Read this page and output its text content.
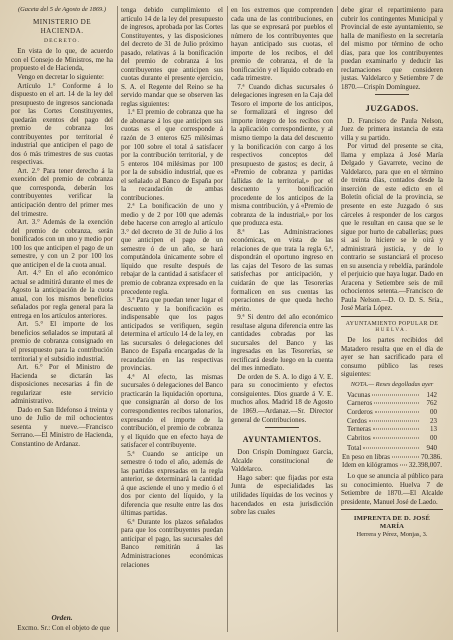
(Gaceta del 5 de Agosto de 1869.)
MINISTERIO DE HACIENDA.
DECRETO.

En vista de lo que, de acuerdo con el Consejo de Ministros, me ha propuesto el de Hacienda,

Vengo en decretar lo siguiente:

Artículo 1.° Conforme á lo dispuesto en el art. 14 de la ley del presupuesto de ingresos sancionada por las Cortes Constituyentes, quedarán exentos del pago del premio de cobranza los contribuyentes por territorial é industrial que anticipen el pago de dos ó más trimestres de sus cuotas respectivas.

Art. 2.° Para tener derecho á la exención del premio de cobranza que corresponda, deberán los contribuyentes verificar la anticipación dentro del primer mes del trimestre.

Art. 3.° Además de la exención del premio de cobranza, serán bonificados con un uno y medio por 100 los que anticipen el pago de un semestre, y con un 2 por 100 los que anticipen el de la cuota anual.

Art. 4.° En el año económico actual se admitirá durante el mes de Agosto la anticipación de la cuota anual, con los mismos beneficios señalados por regla general para la entrega en los artículos anteriores.

Art. 5.° El importe de los beneficios señalados se imputará al premio de cobranza consignado en el presupuesto para la contribución territorial y el subsidio industrial.

Art. 6.° Por el Ministro de Hacienda se dictarán las disposiciones necesarias á fin de regularizar este servicio administrativo.

Dado en San Ildefonso á treinta y uno de Julio de mil ochocientos sesenta y nueve.—Francisco Serrano.—El Ministro de Hacienda, Constantino de Ardanaz.

Orden.

Excmo. Sr.: Con el objeto de que

tenga debido cumplimiento el artículo 14 de la ley del presupuesto de ingresos, aprobada por las Cortes Constituyentes, y las disposiciones del decreto de 31 de Julio próximo pasado, relativas á la bonificación del premio de cobranza á los contribuyentes que anticipen sus cuotas durante el presente ejercicio, S. A. el Regente del Reino se ha servido mandar que se observen las reglas siguientes:

1.ª El premio de cobranza que ha de abonarse á los que anticipen sus cuotas es el que corresponde á razón de 3 enteros 625 milésimas por 100 sobre el total á satisfacer por la contribución territorial, y de 5 enteros 104 milésimas por 100 por la de subsidio industrial, que es el señalado al Banco de España por la recaudación de ambas contribuciones.

2.ª La bonificación de uno y medio y de 2 por 100 que además debe hacerse con arreglo al artículo 3.° del decreto de 31 de Julio á los que anticipen el pago de un semestre ó de un año, se hará computándola únicamente sobre el líquido que resulte después de rebajar de la cantidad á satisfacer el premio de cobranza expresado en la precedente regla.

3.ª Para que puedan tener lugar el descuento y la bonificación es indispensable que los pagos anticipados se verifiquen, según determina el artículo 14 de la ley, en las sucursales ó delegaciones del Banco de España encargadas de la recaudación en las respectivas provincias.

4.ª Al efecto, las mismas sucursales ó delegaciones del Banco practicarán la liquidación oportuna, que consignarán al dorso de los correspondientes recibos talonarios, expresando el importe de la contribución, el premio de cobranza y el líquido que en efecto haya de satisfacer el contribuyente.

5.ª Cuando se anticipe un semestre ó todo el año, además de las partidas expresadas en la regla anterior, se determinará la cantidad á que asciende el uno y medio ó el dos por ciento del líquido, y la diferencia que resulte entre las dos últimas partidas.

6.ª Durante los plazos señalados para que los contribuyentes puedan anticipar el pago, las sucursales del Banco remitirán á las Administraciones económicas relaciones

en los extremos que comprenden cada una de las contribuciones, en las que se expresará por pueblos el número de los contribuyentes que hayan anticipado sus cuotas, el importe de los recibos, el del premio de cobranza, el de la bonificación y el líquido cobrado en cada trimestre.

7.ª Cuando dichas sucursales ó delegaciones ingresen en la Caja del Tesoro el importe de los anticipos, se formalizará el ingreso del importe íntegro de los recibos con la aplicación correspondiente, y al mismo tiempo la data del descuento y la bonificación con cargo á los respectivos conceptos del presupuesto de gastos; es decir, á «Premio de cobranza y partidas fallidas de la territorial,» por el descuento y bonificación procedente de los anticipos de la misma contribución, y á «Premio de cobranza de la industrial,» por los que produzca esta.

8.ª Las Administraciones económicas, en vista de las relaciones de que trata la regla 6.ª, dispondrán el oportuno ingreso en las cajas del Tesoro de las sumas satisfechas por anticipación, y cuidarán de que las Tesorerías formalicen en sus cuentas las operaciones de que queda hecho mérito.

9.ª Si dentro del año económico resultase alguna diferencia entre las cantidades cobradas por las sucursales del Banco y las ingresadas en las Tesorerías, se rectificará desde luego en la cuenta del mes inmediato.

De orden de S. A. lo digo á V. E. para su conocimiento y efectos consiguientes. Dios guarde á V. E. muchos años. Madrid 18 de Agosto de 1869.—Ardanaz.—Sr. Director general de Contribuciones.

AYUNTAMIENTOS.

Don Crispín Domínguez García, Alcalde constitucional de Valdelarco.

Hago saber: que fijadas por esta Junta de especialidades las utilidades líquidas de los vecinos y hacendados en esta jurisdicción sobre las cuales

debe girar el repartimiento para cubrir los contingentes Municipal y Provincial de este ayuntamiento, se halla de manifiesto en la secretaría del mismo por término de ocho días, para que los contribuyentes puedan examinarlo y deducir las reclamaciones que consideren justas. Valdelarco y Setiembre 7 de 1870.—Crispín Domínguez.

JUZGADOS.

D. Francisco de Paula Nelson, Juez de primera instancia de esta villa y su partido.

Por virtud del presente se cita, llama y emplaza á José María Delgado y Gavarrete, vecino de Valdelarco, para que en el término de treinta días, contados desde la inserción de este edicto en el Boletín oficial de la provincia, se presente en este Juzgado ó sus cárceles á responder de los cargos que le resultan en causa que se le sigue por hurto de caballerías; pues si así lo hiciere se le oirá y administrará justicia, y de lo contrario se sustanciará el proceso en su ausencia y rebeldía, parándole el perjuicio que haya lugar. Dado en Aracena y Setiembre seis de mil ochocientos setenta.—Francisco de Paula Nelson.—D. O. D. S. Sría., José María López.

AYUNTAMIENTO POPULAR DE
HUELVA.

De los partes recibidos del Matadero resulta que en el día de ayer se han sacrificado para el consumo público las reses siguientes:

NOTA.— Reses degolladas ayer
Vacunas	142
Carneros	762
Corderos	00
Cerdos	23
Terneras	13
Cabritos	00
Total	940
En peso en libras	70.386.
Idem en kilógramos 32.398,007.

Lo que se anuncia al público para su conocimiento. Huelva 7 de Setiembre de 1870.—El Alcalde presidente, Manuel José de Laedo.

IMPRENTA DE D. JOSÉ MARÍA
Herrera y Pérez, Monjas, 3.
